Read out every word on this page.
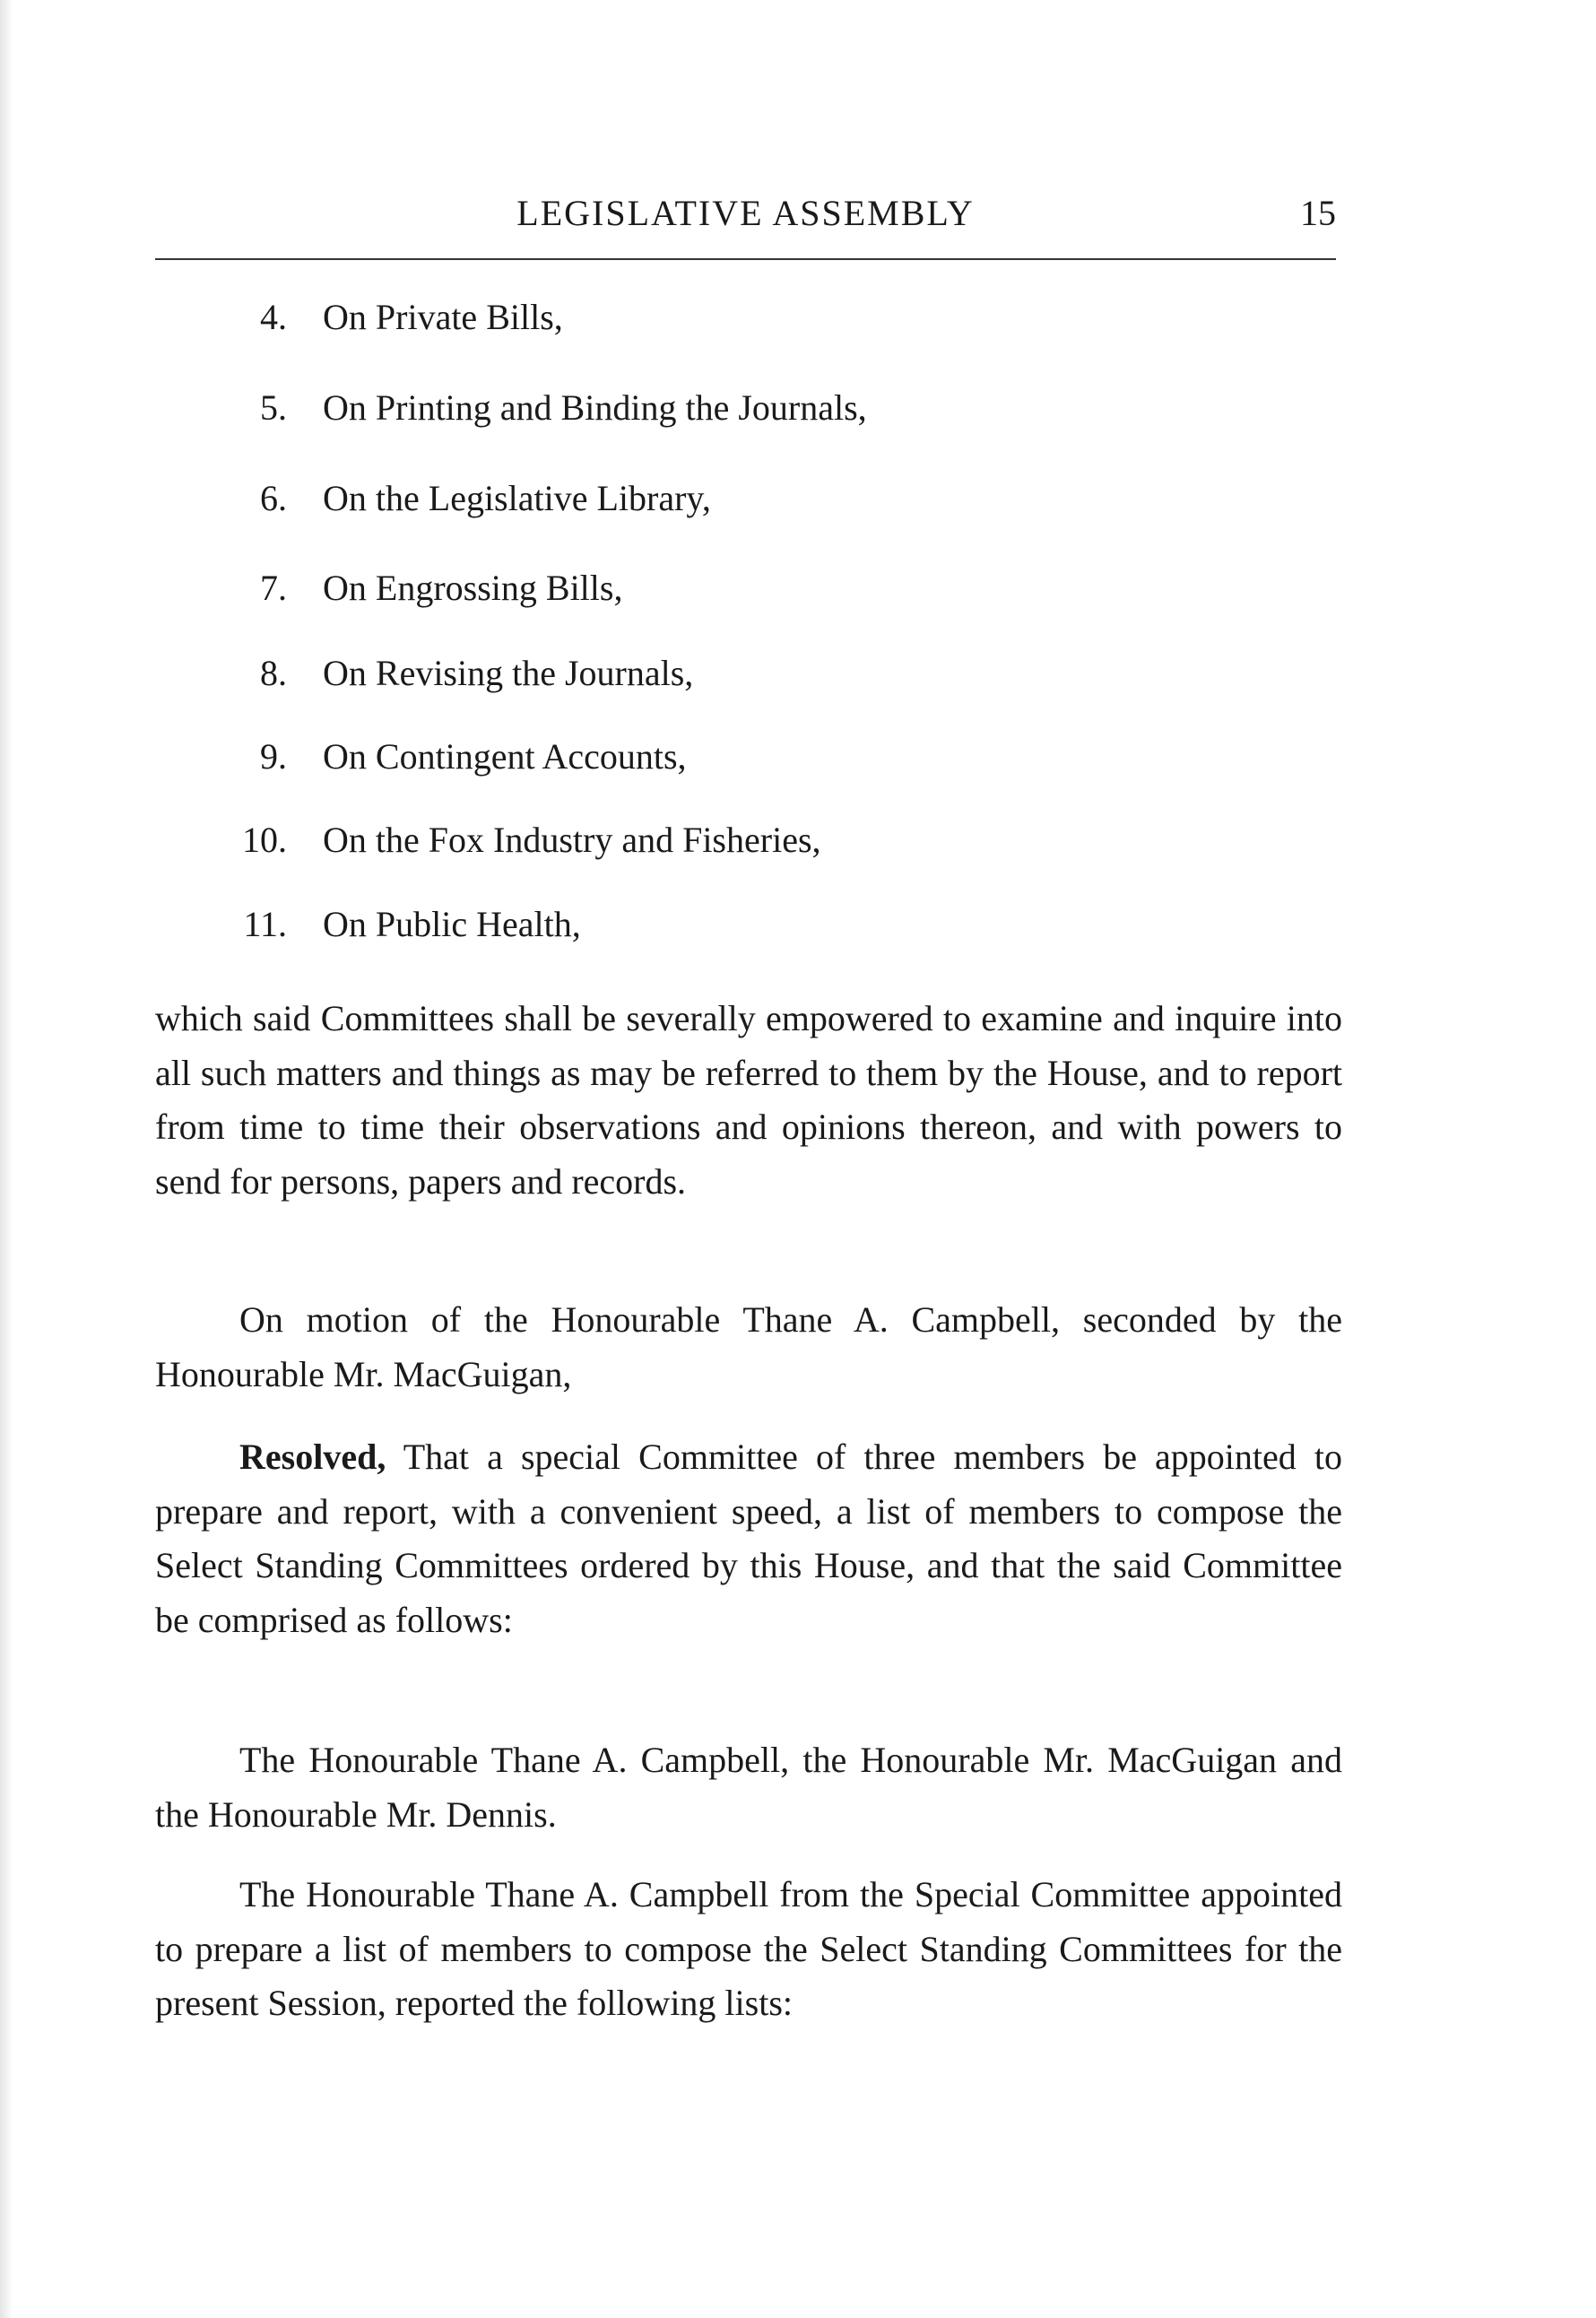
LEGISLATIVE ASSEMBLY	15
4. On Private Bills,
5. On Printing and Binding the Journals,
6. On the Legislative Library,
7. On Engrossing Bills,
8. On Revising the Journals,
9. On Contingent Accounts,
10. On the Fox Industry and Fisheries,
11. On Public Health,

which said Committees shall be severally empowered to examine and inquire into all such matters and things as may be referred to them by the House, and to report from time to time their observations and opinions thereon, and with powers to send for persons, papers and records.

On motion of the Honourable Thane A. Campbell, seconded by the Honourable Mr. MacGuigan,

Resolved, That a special Committee of three members be appointed to prepare and report, with a convenient speed, a list of members to compose the Select Standing Committees ordered by this House, and that the said Committee be comprised as follows:

The Honourable Thane A. Campbell, the Honourable Mr. MacGuigan and the Honourable Mr. Dennis.

The Honourable Thane A. Campbell from the Special Committee appointed to prepare a list of members to compose the Select Standing Committees for the present Session, reported the following lists:
